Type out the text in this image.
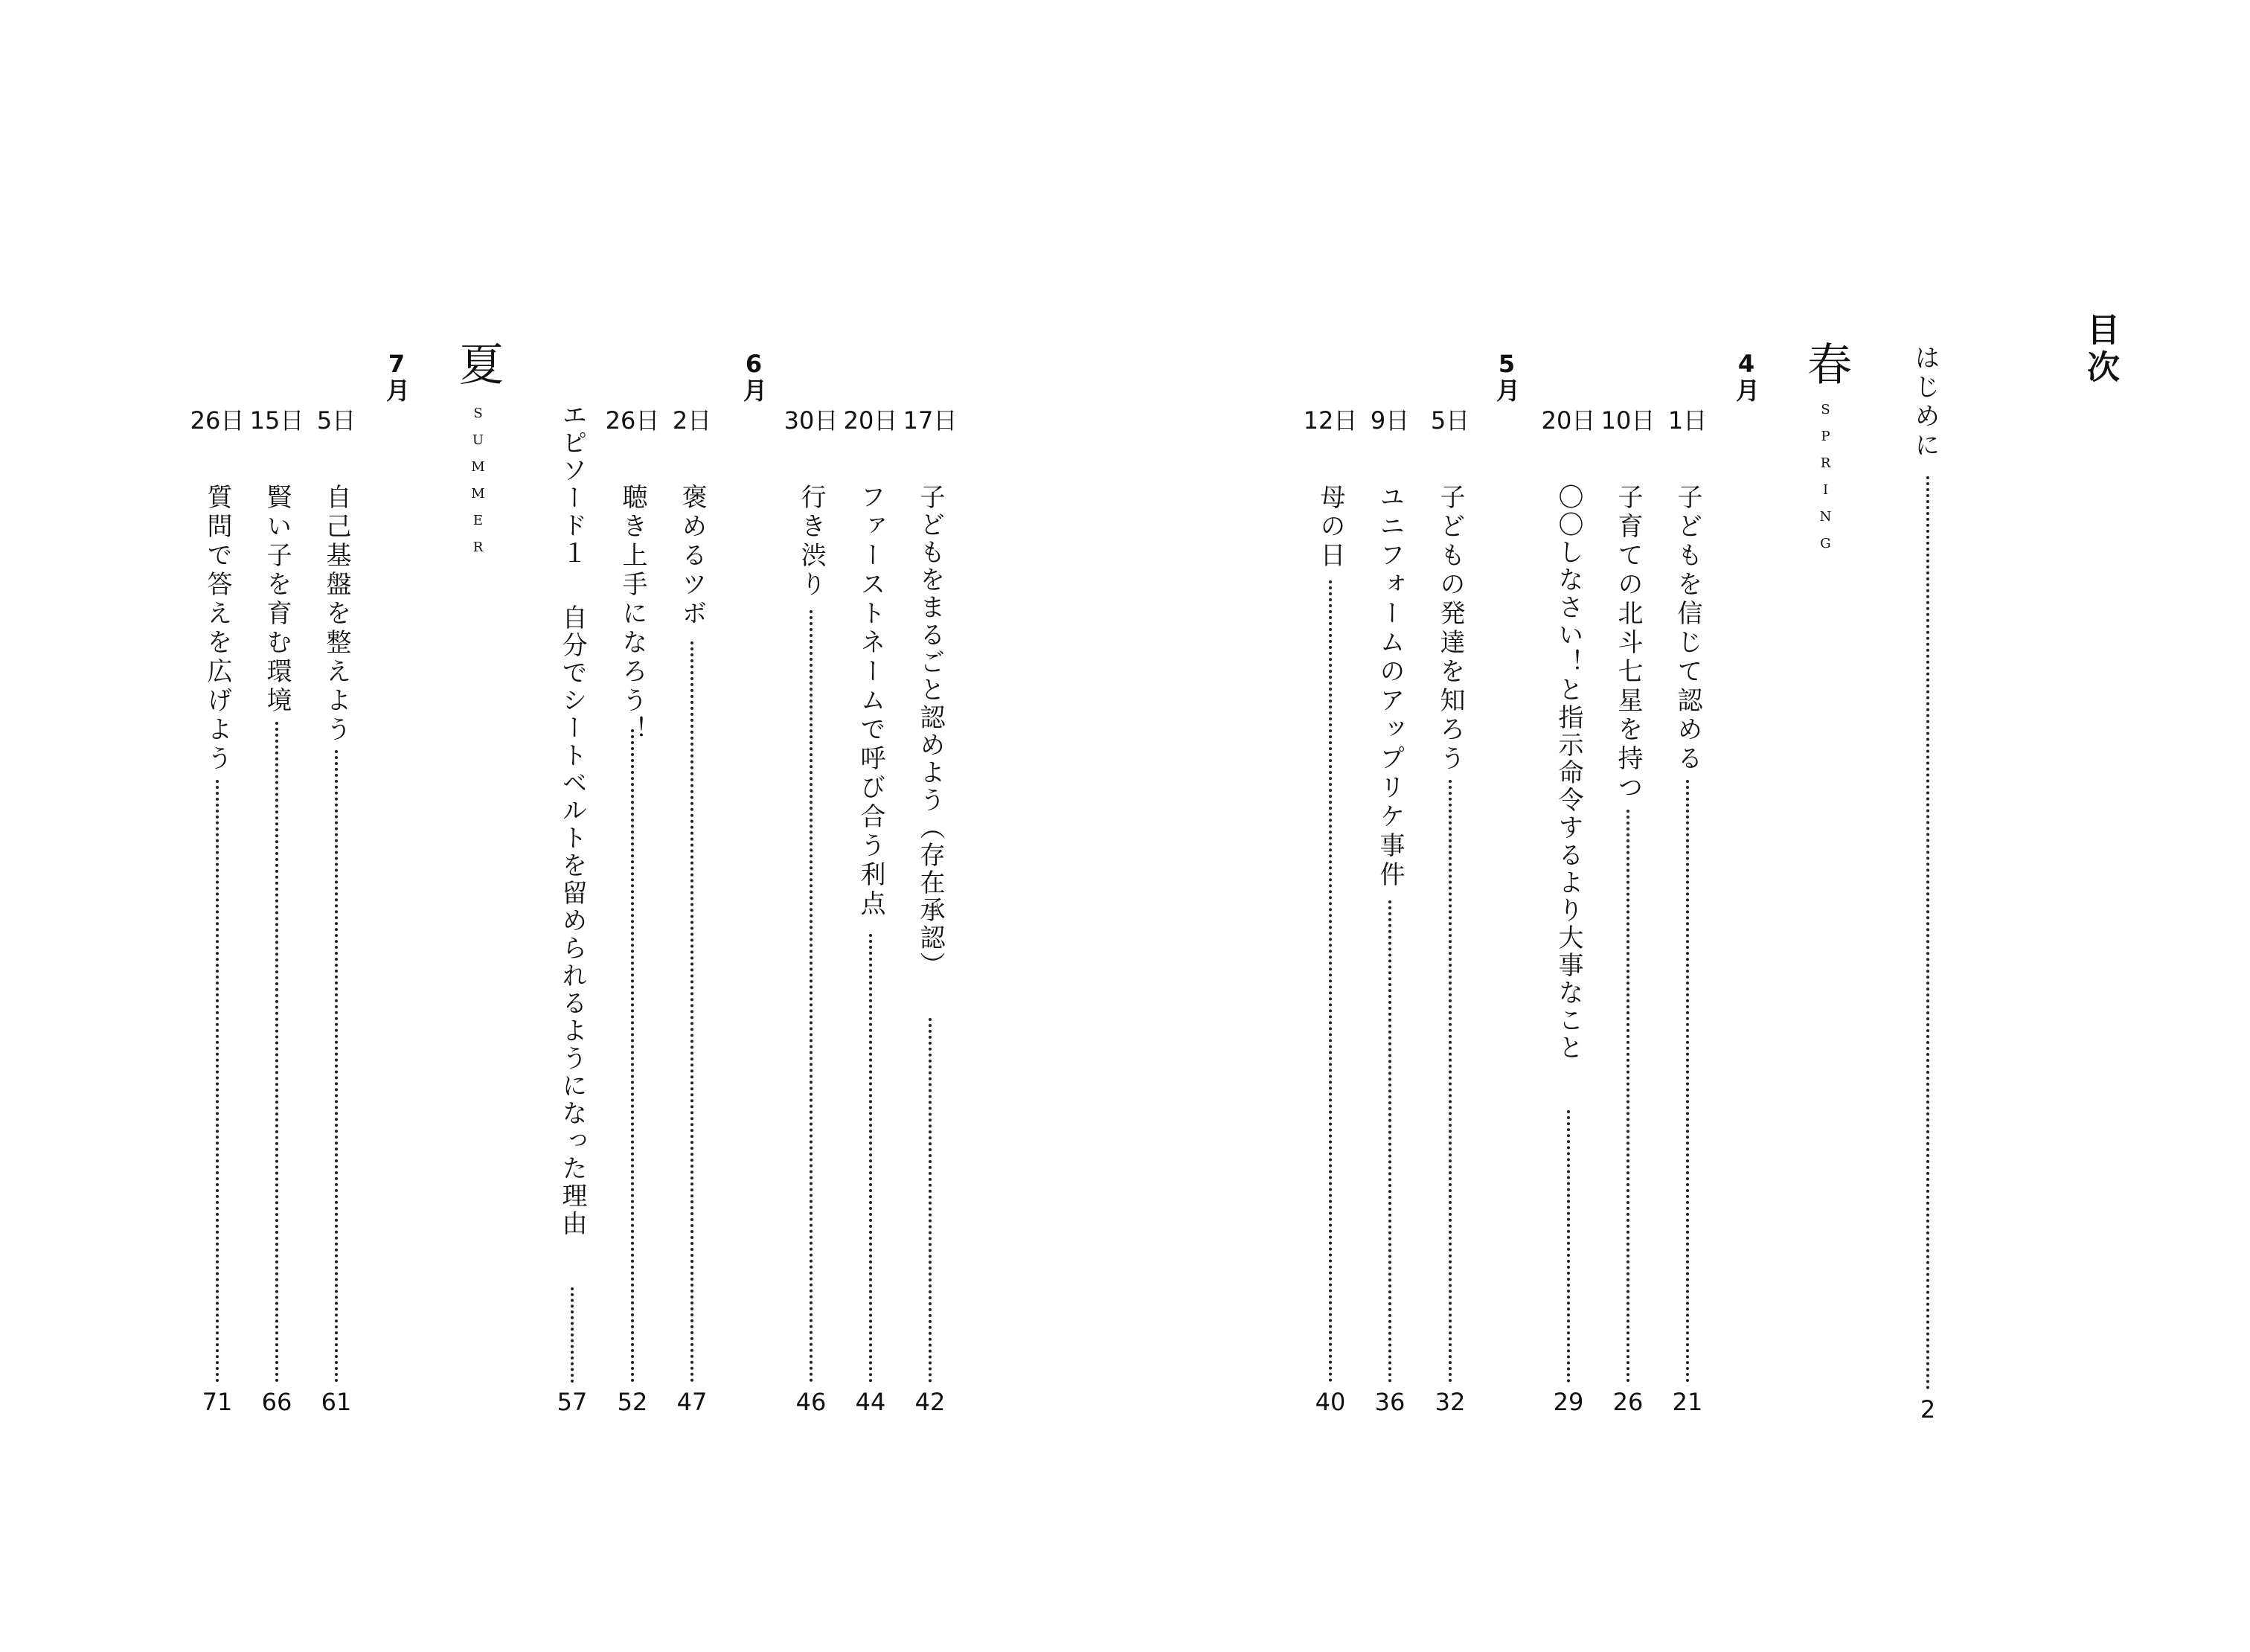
目次
はじめに
2
春
SPRING
4月
1日
子どもを信じて認める
21
10日
子育ての北斗七星を持つ
26
20日
〇〇しなさい！と指示命令するより大事なこと
29
5月
5日
子どもの発達を知ろう
32
9日
ユニフォームのアップリケ事件
36
12日
母の日
40
6月
17日
子どもをまるごと認めよう（存在承認）
42
20日
ファーストネームで呼び合う利点
44
30日
行き渋り
46
2日
褒めるツボ
47
26日
聴き上手になろう！
52
エピソード１
自分でシートベルトを留められるようになった理由
57
夏
SUMMER
7月
5日
自己基盤を整えよう
61
15日
賢い子を育む環境
66
26日
質問で答えを広げよう
71
